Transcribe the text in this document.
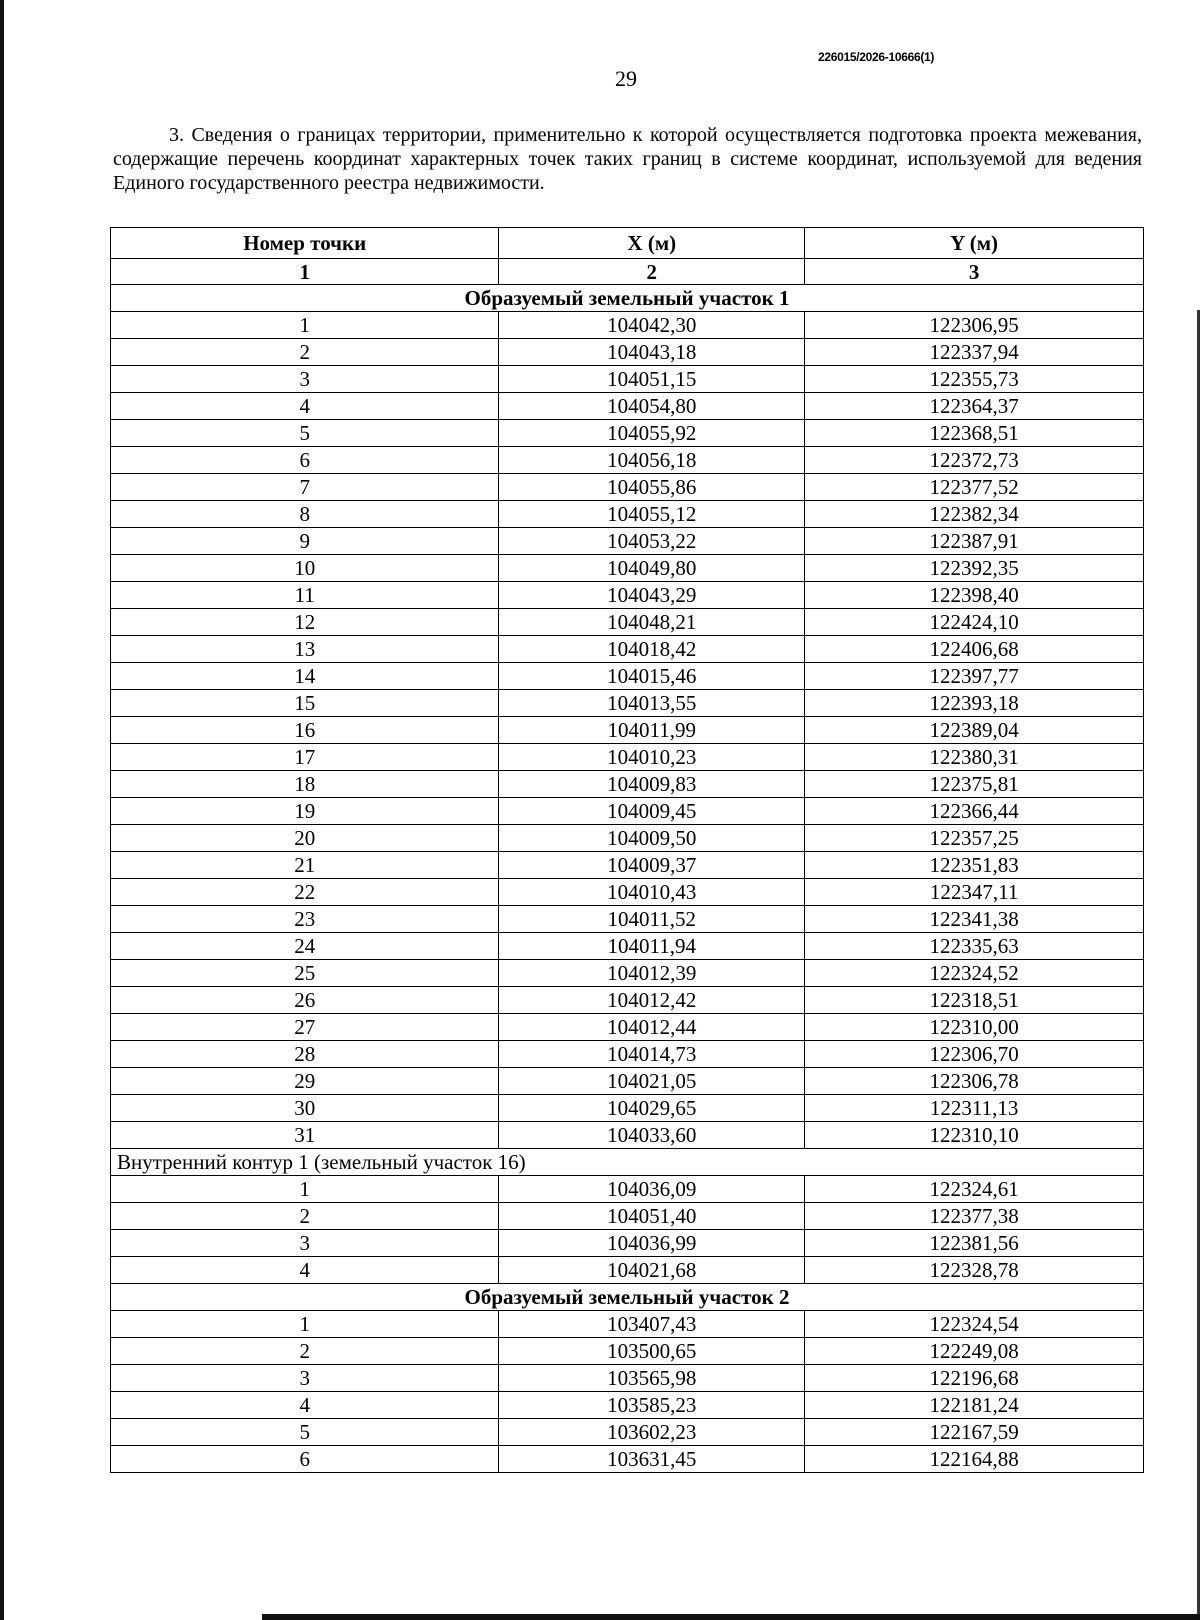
226015/2026-10666(1)
29
3. Сведения о границах территории, применительно к которой осуществляется подготовка проекта межевания, содержащие перечень координат характерных точек таких границ в системе координат, используемой для ведения Единого государственного реестра недвижимости.
Номер точки	X (м)	Y (м)
1	2	3
Образуемый земельный участок 1		
1	104042,30	122306,95
2	104043,18	122337,94
3	104051,15	122355,73
4	104054,80	122364,37
5	104055,92	122368,51
6	104056,18	122372,73
7	104055,86	122377,52
8	104055,12	122382,34
9	104053,22	122387,91
10	104049,80	122392,35
11	104043,29	122398,40
12	104048,21	122424,10
13	104018,42	122406,68
14	104015,46	122397,77
15	104013,55	122393,18
16	104011,99	122389,04
17	104010,23	122380,31
18	104009,83	122375,81
19	104009,45	122366,44
20	104009,50	122357,25
21	104009,37	122351,83
22	104010,43	122347,11
23	104011,52	122341,38
24	104011,94	122335,63
25	104012,39	122324,52
26	104012,42	122318,51
27	104012,44	122310,00
28	104014,73	122306,70
29	104021,05	122306,78
30	104029,65	122311,13
31	104033,60	122310,10
Внутренний контур 1 (земельный участок 16)		
1	104036,09	122324,61
2	104051,40	122377,38
3	104036,99	122381,56
4	104021,68	122328,78
Образуемый земельный участок 2		
1	103407,43	122324,54
2	103500,65	122249,08
3	103565,98	122196,68
4	103585,23	122181,24
5	103602,23	122167,59
6	103631,45	122164,88
